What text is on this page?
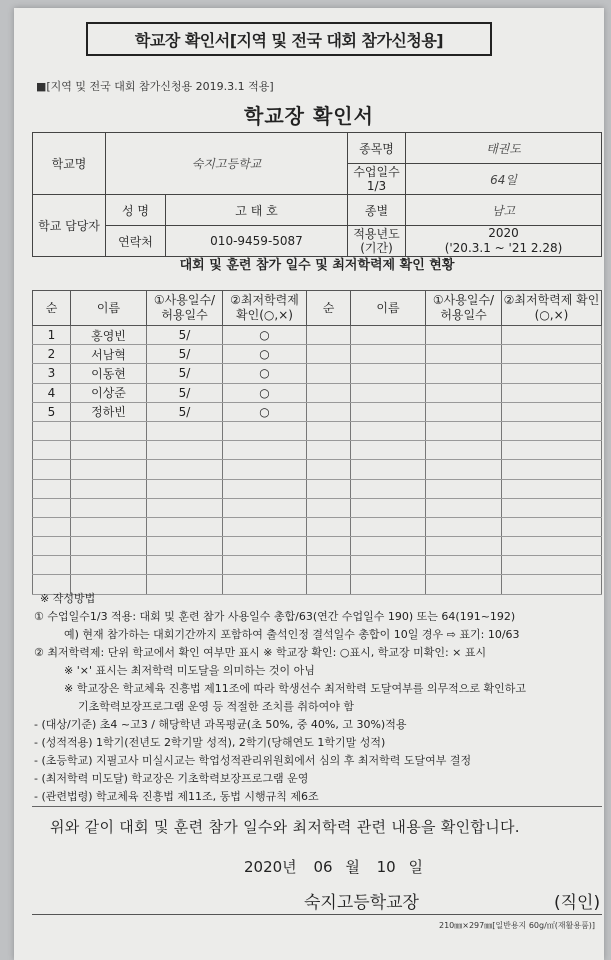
학교장 확인서[지역 및 전국 대회 참가신청용]
■[지역 및 전국 대회 참가신청용 2019.3.1 적용]
학교장 확인서
학교명	숙지고등학교		종목명	태권도
			수업일수 1/3	64일
학교 담당자	성 명	고 태 호	종별	남고
	연락처	010-9459-5087	적용년도 (기간)	2020
('20.3.1 ~ '21 2.28)
대회 및 훈련 참가 일수 및 최저학력제 확인 현황
순	이름	①사용일수/ 허용일수	②최저학력제 확인(○,×)	순	이름	①사용일수/ 허용일수	②최저학력제 확인(○,×)
1	홍영빈	5/	○				
2	서남혁	5/	○				
3	이동현	5/	○				
4	이상준	5/	○				
5	정하빈	5/	○				

※ 작성방법
① 수업일수1/3 적용: 대회 및 훈련 참가 사용일수 총합/63(연간 수업일수 190) 또는 64(191~192)
예) 현재 참가하는 대회기간까지 포함하여 출석인정 결석일수 총합이 10일 경우 ⇨ 표기: 10/63
② 최저학력제: 단위 학교에서 확인 여부만 표시 ※ 학교장 확인: ○표시, 학교장 미확인: × 표시
※ '×' 표시는 최저학력 미도달을 의미하는 것이 아님
※ 학교장은 학교체육 진흥법 제11조에 따라 학생선수 최저학력 도달여부를 의무적으로 확인하고
기초학력보장프로그램 운영 등 적절한 조치를 취하여야 함
- (대상/기준) 초4 ~고3 / 해당학년 과목평균(초 50%, 중 40%, 고 30%)적용
- (성적적용) 1학기(전년도 2학기말 성적), 2학기(당해연도 1학기말 성적)
- (초등학교) 지필고사 미실시교는 학업성적관리위원회에서 심의 후 최저학력 도달여부 결정
- (최저학력 미도달) 학교장은 기초학력보장프로그램 운영
- (관련법령) 학교체육 진흥법 제11조, 동법 시행규칙 제6조
위와 같이 대회 및 훈련 참가 일수와 최저학력 관련 내용을 확인합니다.
2020년 06 월 10 일
숙지고등학교장	(직인)
210㎜×297㎜[일반용지 60g/㎡(재활용품)]
